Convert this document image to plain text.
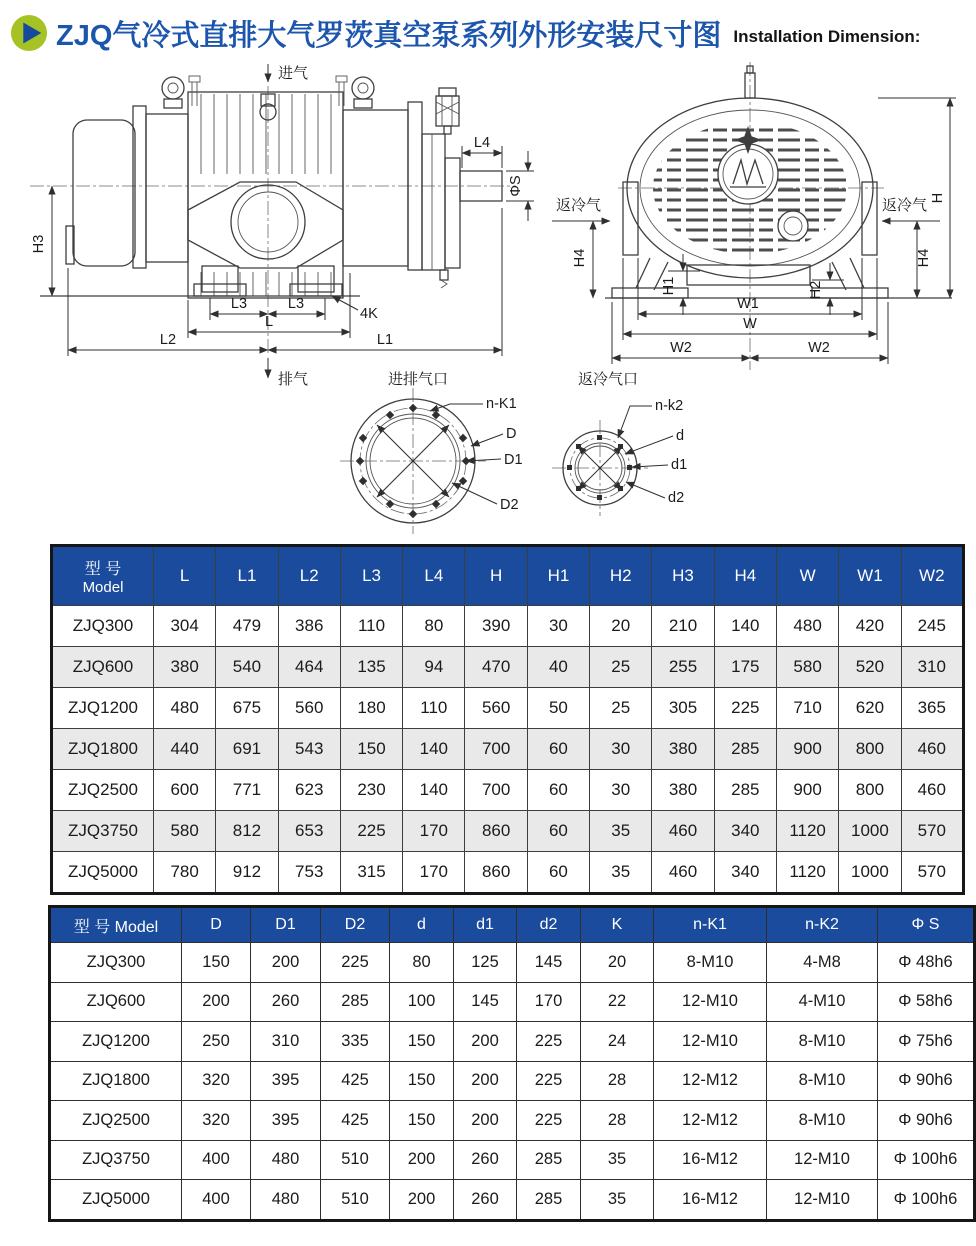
ZJQ气冷式直排大气罗茨真空泵系列外形安装尺寸图 Installation Dimension:
进气
排气
H3
L3	L3
L
L2	L1
4K
L4
ΦS
H
返冷气
H4
返冷气
H4
H1	H2
W1
W
W2	W2
进排气口
n-K1
D
D1
D2
返冷气口
n-k2
d
d1
d2
型 号
Model	L	L1	L2	L3	L4	H	H1	H2	H3	H4	W	W1	W2
ZJQ300	304	479	386	110	80	390	30	20	210	140	480	420	245
ZJQ600	380	540	464	135	94	470	40	25	255	175	580	520	310
ZJQ1200	480	675	560	180	110	560	50	25	305	225	710	620	365
ZJQ1800	440	691	543	150	140	700	60	30	380	285	900	800	460
ZJQ2500	600	771	623	230	140	700	60	30	380	285	900	800	460
ZJQ3750	580	812	653	225	170	860	60	35	460	340	1120	1000	570
ZJQ5000	780	912	753	315	170	860	60	35	460	340	1120	1000	570
型 号 Model	D	D1	D2	d	d1	d2	K	n-K1	n-K2	Φ S
ZJQ300	150	200	225	80	125	145	20	8-M10	4-M8	Φ 48h6
ZJQ600	200	260	285	100	145	170	22	12-M10	4-M10	Φ 58h6
ZJQ1200	250	310	335	150	200	225	24	12-M10	8-M10	Φ 75h6
ZJQ1800	320	395	425	150	200	225	28	12-M12	8-M10	Φ 90h6
ZJQ2500	320	395	425	150	200	225	28	12-M12	8-M10	Φ 90h6
ZJQ3750	400	480	510	200	260	285	35	16-M12	12-M10	Φ 100h6
ZJQ5000	400	480	510	200	260	285	35	16-M12	12-M10	Φ 100h6
